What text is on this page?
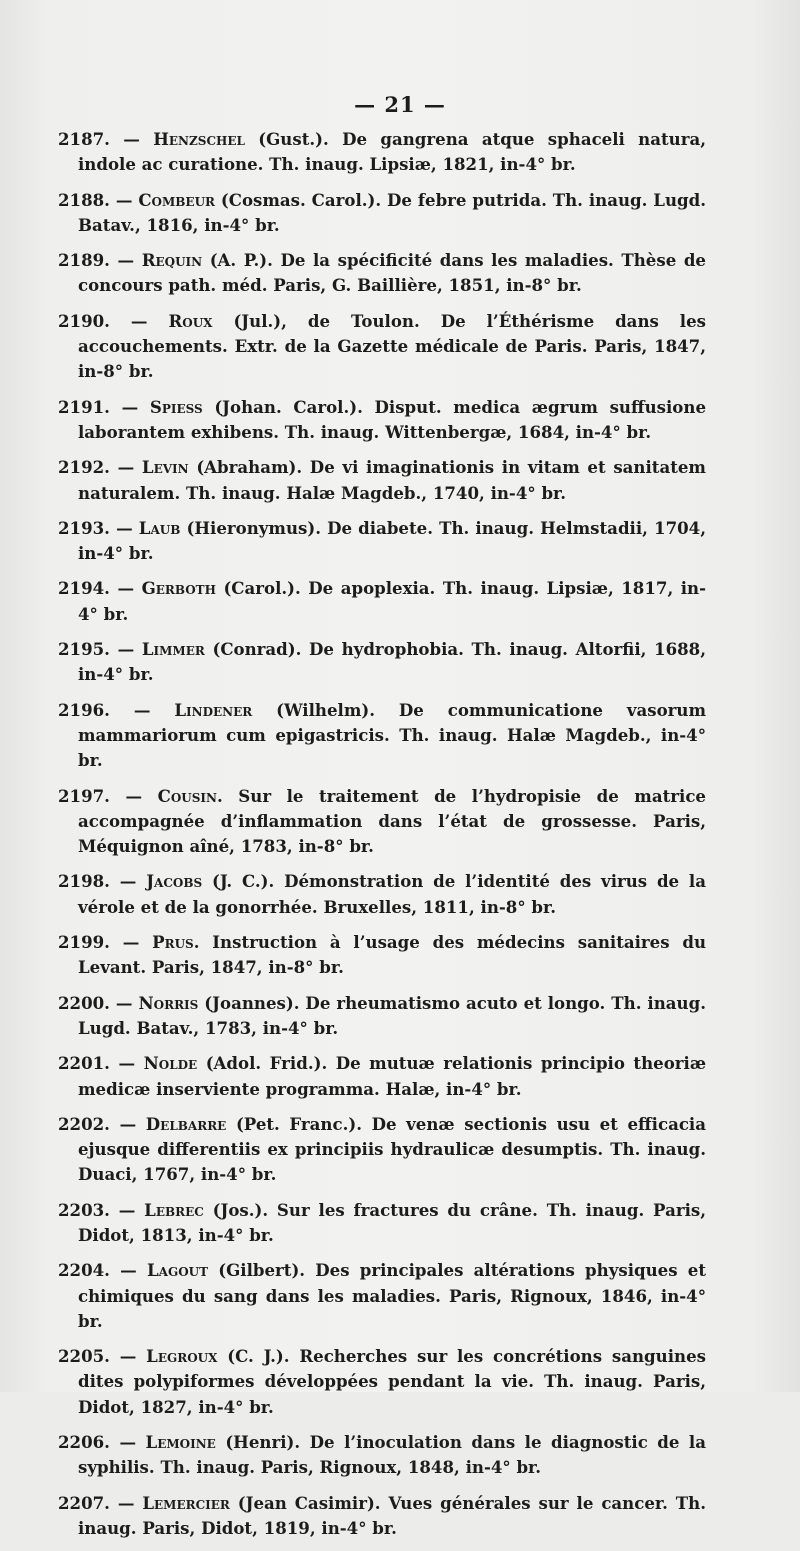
— 21 —

2187. — Henzschel (Gust.). De gangrena atque sphaceli natura, indole ac curatione. Th. inaug. Lipsiæ, 1821, in-4° br.

2188. — Combeur (Cosmas. Carol.). De febre putrida. Th. inaug. Lugd. Batav., 1816, in-4° br.

2189. — Requin (A. P.). De la spécificité dans les maladies. Thèse de concours path. méd. Paris, G. Baillière, 1851, in-8° br.

2190. — Roux (Jul.), de Toulon. De l’Éthérisme dans les accouchements. Extr. de la Gazette médicale de Paris. Paris, 1847, in-8° br.

2191. — Spiess (Johan. Carol.). Disput. medica ægrum suffusione laborantem exhibens. Th. inaug. Wittenbergæ, 1684, in-4° br.

2192. — Levin (Abraham). De vi imaginationis in vitam et sanitatem naturalem. Th. inaug. Halæ Magdeb., 1740, in-4° br.

2193. — Laub (Hieronymus). De diabete. Th. inaug. Helmstadii, 1704, in-4° br.

2194. — Gerboth (Carol.). De apoplexia. Th. inaug. Lipsiæ, 1817, in-4° br.

2195. — Limmer (Conrad). De hydrophobia. Th. inaug. Altorfii, 1688, in-4° br.

2196. — Lindener (Wilhelm). De communicatione vasorum mammariorum cum epigastricis. Th. inaug. Halæ Magdeb., in-4° br.

2197. — Cousin. Sur le traitement de l’hydropisie de matrice accompagnée d’inflammation dans l’état de grossesse. Paris, Méquignon aîné, 1783, in-8° br.

2198. — Jacobs (J. C.). Démonstration de l’identité des virus de la vérole et de la gonorrhée. Bruxelles, 1811, in-8° br.

2199. — Prus. Instruction à l’usage des médecins sanitaires du Levant. Paris, 1847, in-8° br.

2200. — Norris (Joannes). De rheumatismo acuto et longo. Th. inaug. Lugd. Batav., 1783, in-4° br.

2201. — Nolde (Adol. Frid.). De mutuæ relationis principio theoriæ medicæ inserviente programma. Halæ, in-4° br.

2202. — Delbarre (Pet. Franc.). De venæ sectionis usu et efficacia ejusque differentiis ex principiis hydraulicæ desumptis. Th. inaug. Duaci, 1767, in-4° br.

2203. — Lebrec (Jos.). Sur les fractures du crâne. Th. inaug. Paris, Didot, 1813, in-4° br.

2204. — Lagout (Gilbert). Des principales altérations physiques et chimiques du sang dans les maladies. Paris, Rignoux, 1846, in-4° br.

2205. — Legroux (C. J.). Recherches sur les concrétions sanguines dites polypiformes développées pendant la vie. Th. inaug. Paris, Didot, 1827, in-4° br.

2206. — Lemoine (Henri). De l’inoculation dans le diagnostic de la syphilis. Th. inaug. Paris, Rignoux, 1848, in-4° br.

2207. — Lemercier (Jean Casimir). Vues générales sur le cancer. Th. inaug. Paris, Didot, 1819, in-4° br.
